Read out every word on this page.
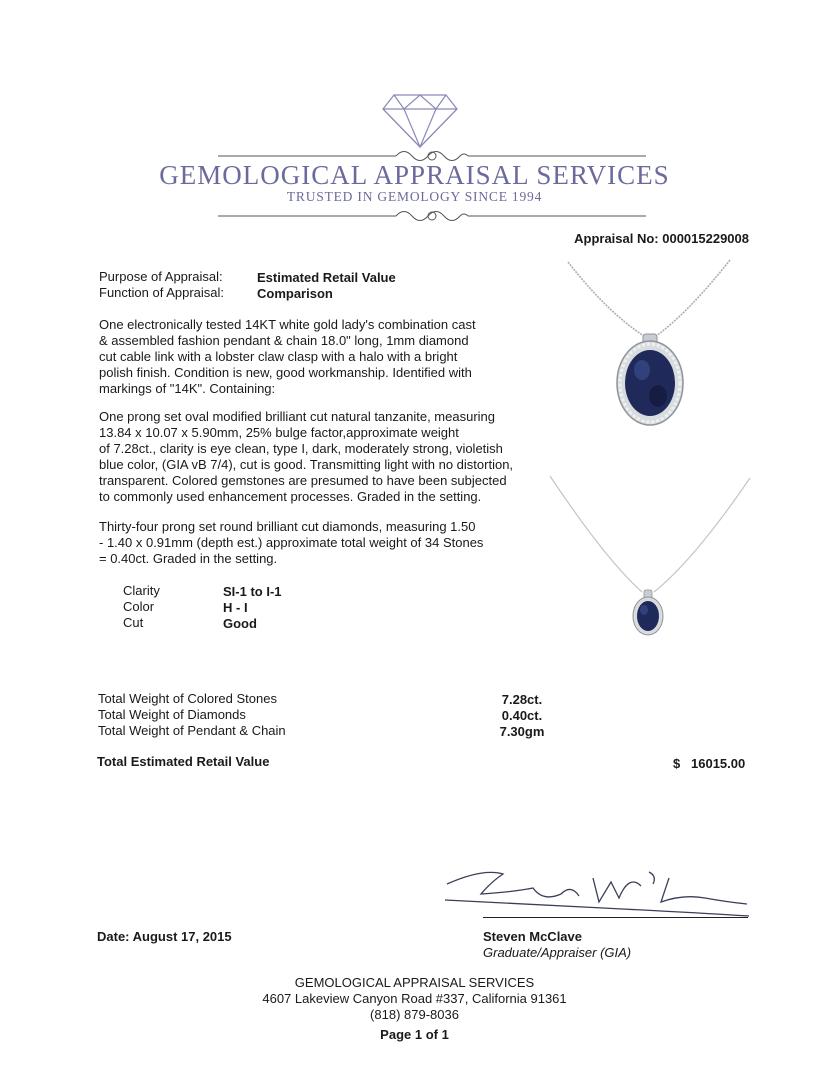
GEMOLOGICAL APPRAISAL SERVICES
TRUSTED IN GEMOLOGY SINCE 1994
Appraisal No: 000015229008
Purpose of Appraisal:	Estimated Retail Value
Function of Appraisal:	Comparison
One electronically tested 14KT white gold lady's combination cast
& assembled fashion pendant & chain 18.0" long, 1mm diamond
cut cable link with a lobster claw clasp with a halo with a bright
polish finish. Condition is new, good workmanship. Identified with
markings of "14K". Containing:
One prong set oval modified brilliant cut natural tanzanite, measuring
13.84 x 10.07 x 5.90mm, 25% bulge factor,approximate weight
of 7.28ct., clarity is eye clean, type I, dark, moderately strong, violetish
blue color, (GIA vB 7/4), cut is good. Transmitting light with no distortion,
transparent. Colored gemstones are presumed to have been subjected
to commonly used enhancement processes. Graded in the setting.
Thirty-four prong set round brilliant cut diamonds, measuring 1.50
- 1.40 x 0.91mm (depth est.) approximate total weight of 34 Stones
= 0.40ct. Graded in the setting.
Clarity	SI-1 to I-1
Color	H - I
Cut	Good
Total Weight of Colored Stones	7.28ct.
Total Weight of Diamonds	0.40ct.
Total Weight of Pendant & Chain	7.30gm
Total Estimated Retail Value	$ 16015.00
Date: August 17, 2015	Steven McClave
Graduate/Appraiser (GIA)
GEMOLOGICAL APPRAISAL SERVICES
4607 Lakeview Canyon Road #337, California 91361
(818) 879-8036
Page 1 of 1
